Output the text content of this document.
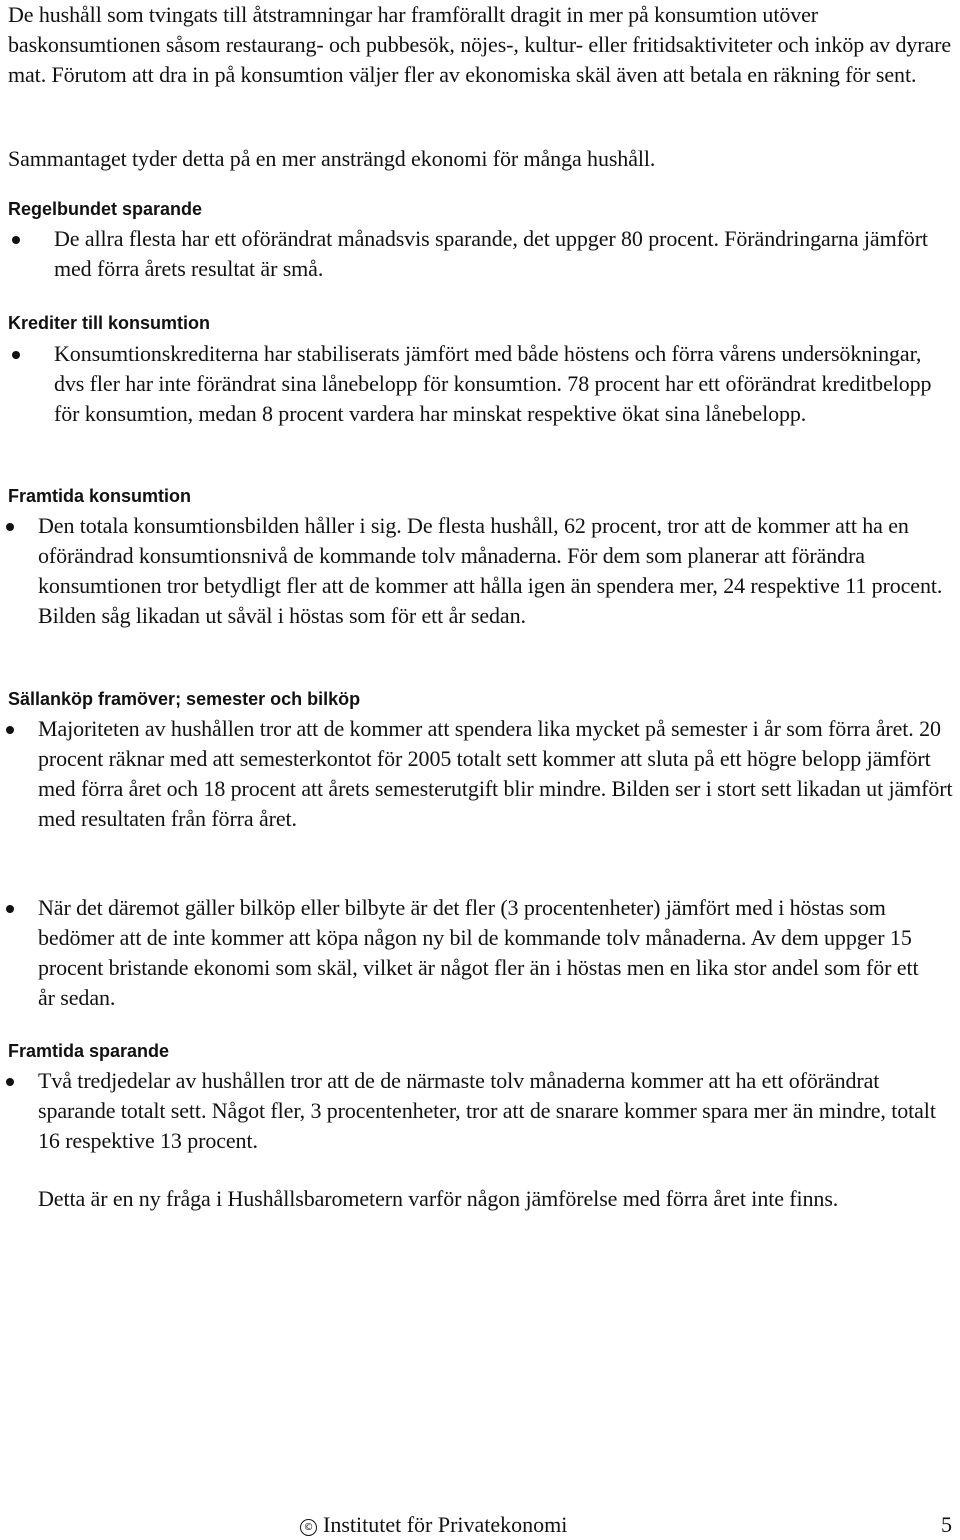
De hushåll som tvingats till åtstramningar har framförallt dragit in mer på konsumtion utöver baskonsumtionen såsom restaurang- och pubbesök, nöjes-, kultur- eller fritidsaktiviteter och inköp av dyrare mat. Förutom att dra in på konsumtion väljer fler av ekonomiska skäl även att betala en räkning för sent.
Sammantaget tyder detta på en mer ansträngd ekonomi för många hushåll.
Regelbundet sparande
De allra flesta har ett oförändrat månadsvis sparande, det uppger 80 procent. Förändringarna jämfört med förra årets resultat är små.
Krediter till konsumtion
Konsumtionskrediterna har stabiliserats jämfört med både höstens och förra vårens undersökningar, dvs fler har inte förändrat sina lånebelopp för konsumtion. 78 procent har ett oförändrat kreditbelopp för konsumtion, medan 8 procent vardera har minskat respektive ökat sina lånebelopp.
Framtida konsumtion
Den totala konsumtionsbilden håller i sig. De flesta hushåll, 62 procent, tror att de kommer att ha en oförändrad konsumtionsnivå de kommande tolv månaderna. För dem som planerar att förändra konsumtionen tror betydligt fler att de kommer att hålla igen än spendera mer, 24 respektive 11 procent. Bilden såg likadan ut såväl i höstas som för ett år sedan.
Sällanköp framöver; semester och bilköp
Majoriteten av hushållen tror att de kommer att spendera lika mycket på semester i år som förra året. 20 procent räknar med att semesterkontot för 2005 totalt sett kommer att sluta på ett högre belopp jämfört med förra året och 18 procent att årets semesterutgift blir mindre. Bilden ser i stort sett likadan ut jämfört med resultaten från förra året.
När det däremot gäller bilköp eller bilbyte är det fler (3 procentenheter) jämfört med i höstas som bedömer att de inte kommer att köpa någon ny bil de kommande tolv månaderna. Av dem uppger 15 procent bristande ekonomi som skäl, vilket är något fler än i höstas men en lika stor andel som för ett år sedan.
Framtida sparande
Två tredjedelar av hushållen tror att de de närmaste tolv månaderna kommer att ha ett oförändrat sparande totalt sett. Något fler, 3 procentenheter, tror att de snarare kommer spara mer än mindre, totalt 16 respektive 13 procent.
Detta är en ny fråga i Hushållsbarometern varför någon jämförelse med förra året inte finns.
© Institutet för Privatekonomi	5
